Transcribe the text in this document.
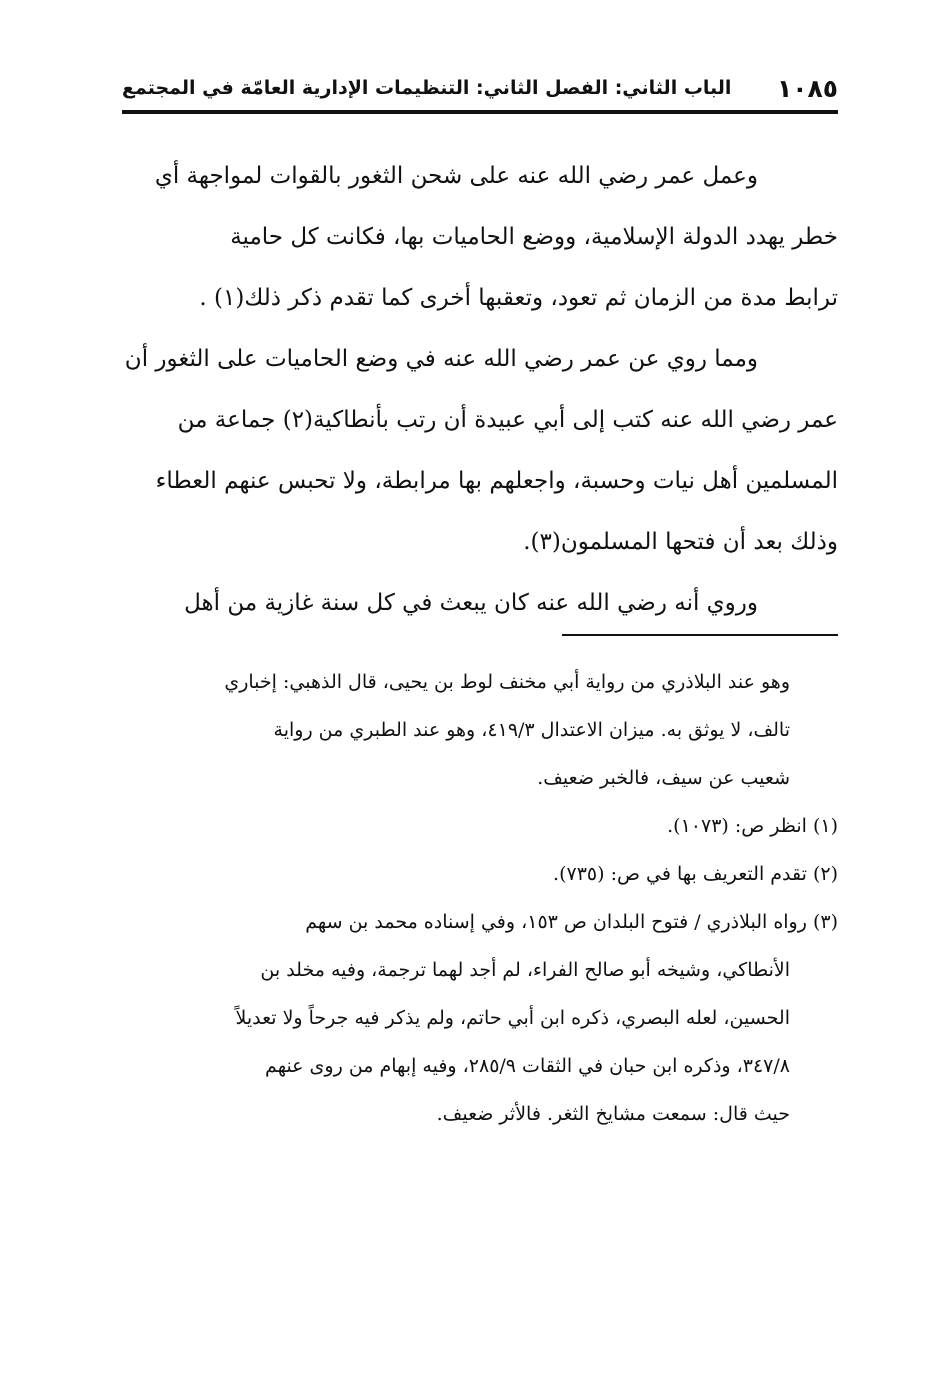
١٠٨٥
الباب الثاني: الفصل الثاني: التنظيمات الإدارية العامّة في المجتمع

وعمل عمر رضي الله عنه على شحن الثغور بالقوات لمواجهة أي
خطر يهدد الدولة الإسلامية، ووضع الحاميات بها، فكانت كل حامية
ترابط مدة من الزمان ثم تعود، وتعقبها أخرى كما تقدم ذكر ذلك(١) .

ومما روي عن عمر رضي الله عنه في وضع الحاميات على الثغور أن
عمر رضي الله عنه كتب إلى أبي عبيدة أن رتب بأنطاكية(٢) جماعة من
المسلمين أهل نيات وحسبة، واجعلهم بها مرابطة، ولا تحبس عنهم العطاء
وذلك بعد أن فتحها المسلمون(٣).

وروي أنه رضي الله عنه كان يبعث في كل سنة غازية من أهل

وهو عند البلاذري من رواية أبي مخنف لوط بن يحيى، قال الذهبي: إخباري
تالف، لا يوثق به. ميزان الاعتدال ٤١٩/٣، وهو عند الطبري من رواية
شعيب عن سيف، فالخبر ضعيف.

(١) انظر ص: (١٠٧٣).

(٢) تقدم التعريف بها في ص: (٧٣٥).

(٣) رواه البلاذري / فتوح البلدان ص ١٥٣، وفي إسناده محمد بن سهم
الأنطاكي، وشيخه أبو صالح الفراء، لم أجد لهما ترجمة، وفيه مخلد بن
الحسين، لعله البصري، ذكره ابن أبي حاتم، ولم يذكر فيه جرحاً ولا تعديلاً
٣٤٧/٨، وذكره ابن حبان في الثقات ٢٨٥/٩، وفيه إبهام من روى عنهم
حيث قال: سمعت مشايخ الثغر. فالأثر ضعيف.
